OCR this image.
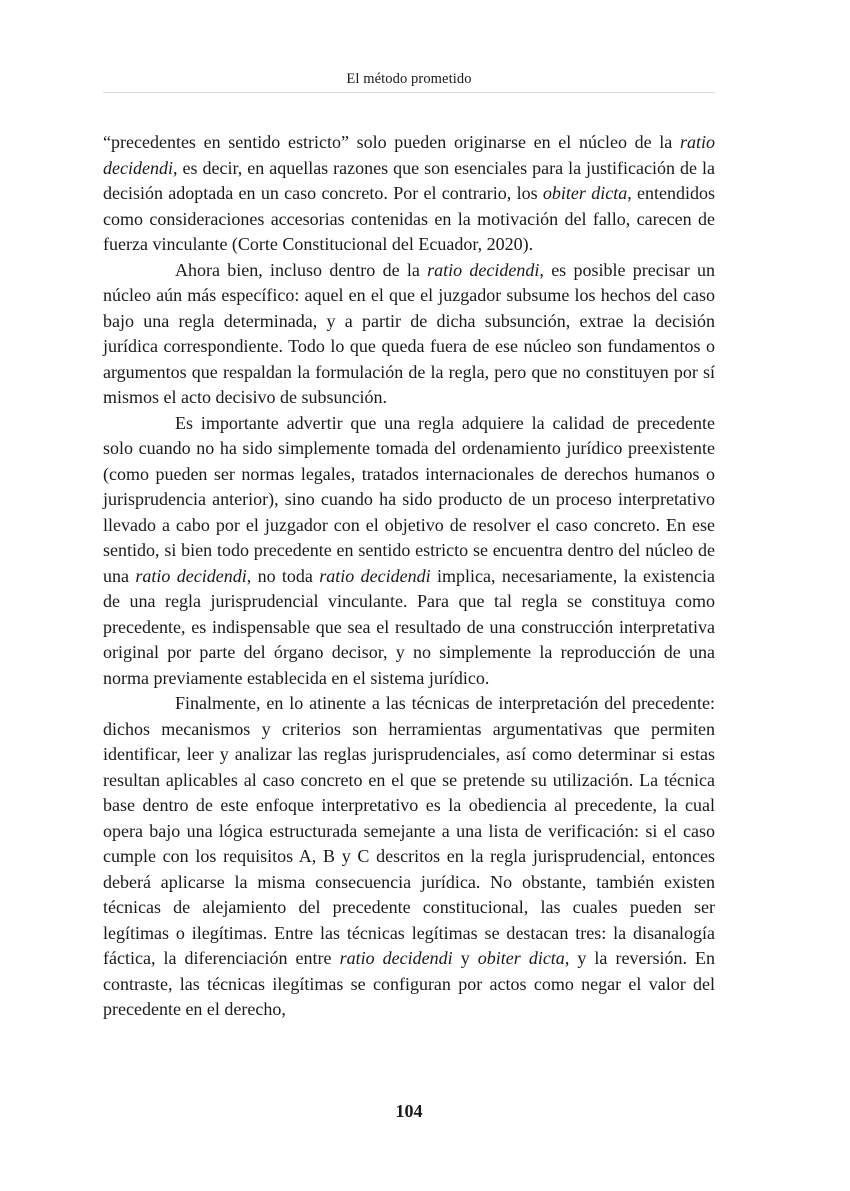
El método prometido

“precedentes en sentido estricto” solo pueden originarse en el núcleo de la ratio decidendi, es decir, en aquellas razones que son esenciales para la justificación de la decisión adoptada en un caso concreto. Por el contrario, los obiter dicta, entendidos como consideraciones accesorias contenidas en la motivación del fallo, carecen de fuerza vinculante (Corte Constitucional del Ecuador, 2020).

Ahora bien, incluso dentro de la ratio decidendi, es posible precisar un núcleo aún más específico: aquel en el que el juzgador subsume los hechos del caso bajo una regla determinada, y a partir de dicha subsunción, extrae la decisión jurídica correspondiente. Todo lo que queda fuera de ese núcleo son fundamentos o argumentos que respaldan la formulación de la regla, pero que no constituyen por sí mismos el acto decisivo de subsunción.

Es importante advertir que una regla adquiere la calidad de precedente solo cuando no ha sido simplemente tomada del ordenamiento jurídico preexistente (como pueden ser normas legales, tratados internacionales de derechos humanos o jurisprudencia anterior), sino cuando ha sido producto de un proceso interpretativo llevado a cabo por el juzgador con el objetivo de resolver el caso concreto. En ese sentido, si bien todo precedente en sentido estricto se encuentra dentro del núcleo de una ratio decidendi, no toda ratio decidendi implica, necesariamente, la existencia de una regla jurisprudencial vinculante. Para que tal regla se constituya como precedente, es indispensable que sea el resultado de una construcción interpretativa original por parte del órgano decisor, y no simplemente la reproducción de una norma previamente establecida en el sistema jurídico.

Finalmente, en lo atinente a las técnicas de interpretación del precedente: dichos mecanismos y criterios son herramientas argumentativas que permiten identificar, leer y analizar las reglas jurisprudenciales, así como determinar si estas resultan aplicables al caso concreto en el que se pretende su utilización. La técnica base dentro de este enfoque interpretativo es la obediencia al precedente, la cual opera bajo una lógica estructurada semejante a una lista de verificación: si el caso cumple con los requisitos A, B y C descritos en la regla jurisprudencial, entonces deberá aplicarse la misma consecuencia jurídica. No obstante, también existen técnicas de alejamiento del precedente constitucional, las cuales pueden ser legítimas o ilegítimas. Entre las técnicas legítimas se destacan tres: la disanalogía fáctica, la diferenciación entre ratio decidendi y obiter dicta, y la reversión. En contraste, las técnicas ilegítimas se configuran por actos como negar el valor del precedente en el derecho,

104
